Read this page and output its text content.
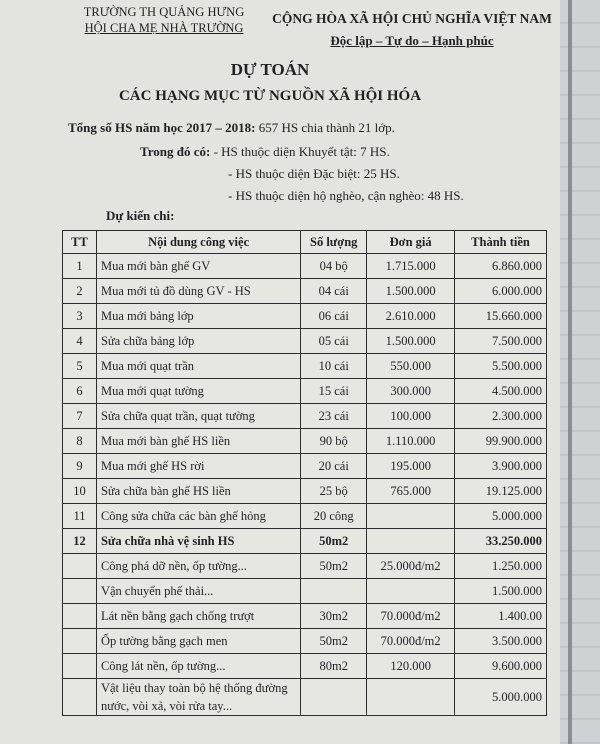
TRƯỜNG TH QUẢNG HƯNG
HỘI CHA MẸ NHÀ TRƯỜNG
CỘNG HÒA XÃ HỘI CHỦ NGHĨA VIỆT NAM
Độc lập – Tự do – Hạnh phúc
DỰ TOÁN
CÁC HẠNG MỤC TỪ NGUỒN XÃ HỘI HÓA
Tổng số HS năm học 2017 – 2018: 657 HS chia thành 21 lớp.
Trong đó có: - HS thuộc diện Khuyết tật: 7 HS.
- HS thuộc diện Đặc biệt: 25 HS.
- HS thuộc diện hộ nghèo, cận nghèo: 48 HS.
Dự kiến chi:
TT	Nội dung công việc	Số lượng	Đơn giá	Thành tiền
1	Mua mới bàn ghế GV	04 bộ	1.715.000	6.860.000
2	Mua mới tủ đồ dùng GV - HS	04 cái	1.500.000	6.000.000
3	Mua mới bảng lớp	06 cái	2.610.000	15.660.000
4	Sửa chữa bảng lớp	05 cái	1.500.000	7.500.000
5	Mua mới quạt trần	10 cái	550.000	5.500.000
6	Mua mới quạt tường	15 cái	300.000	4.500.000
7	Sửa chữa quạt trần, quạt tường	23 cái	100.000	2.300.000
8	Mua mới bàn ghế HS liền	90 bộ	1.110.000	99.900.000
9	Mua mới ghế HS rời	20 cái	195.000	3.900.000
10	Sửa chữa bàn ghế HS liền	25 bộ	765.000	19.125.000
11	Công sửa chữa các bàn ghế hỏng	20 công		5.000.000
12	Sửa chữa nhà vệ sinh HS	50m2		33.250.000
	Công phá dỡ nền, ốp tường...	50m2	25.000đ/m2	1.250.000
	Vận chuyển phế thải...			1.500.000
	Lát nền bằng gạch chống trượt	30m2	70.000đ/m2	1.400.00
	Ốp tường bằng gạch men	50m2	70.000đ/m2	3.500.000
	Công lát nền, ốp tường...	80m2	120.000	9.600.000
	Vật liệu thay toàn bộ hệ thống đường nước, vòi xả, vòi rửa tay...			5.000.000
